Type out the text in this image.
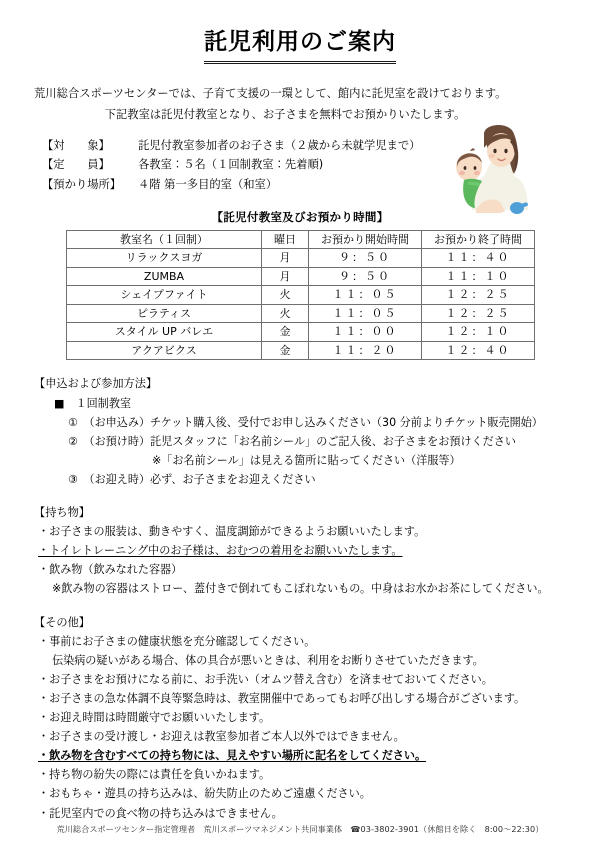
託児利用のご案内
荒川総合スポーツセンターでは、子育て支援の一環として、館内に託児室を設けております。
下記教室は託児付教室となり、お子さまを無料でお預かりいたします。
【対　　象】	託児付教室参加者のお子さま（２歳から未就学児まで）
【定　　員】	各教室：５名（１回制教室：先着順)
【預かり場所】	４階 第一多目的室（和室）
【託児付教室及びお預かり時間】
教室名（１回制）	曜日	お預かり開始時間	お預かり終了時間
リラックスヨガ	月	９：５０	１１：４０
ZUMBA	月	９：５０	１１：１０
シェイプファイト	火	１１：０５	１２：２５
ピラティス	火	１１：０５	１２：２５
スタイル UP バレエ	金	１１：００	１２：１０
アクアビクス	金	１１：２０	１２：４０
【申込および参加方法】
■　１回制教室
①　（お申込み）チケット購入後、受付でお申し込みください（30 分前よりチケット販売開始）
②　（お預け時）託児スタッフに「お名前シール」のご記入後、お子さまをお預けください
※「お名前シール」は見える箇所に貼ってください（洋服等）
③　（お迎え時）必ず、お子さまをお迎えください
【持ち物】
・お子さまの服装は、動きやすく、温度調節ができるようお願いいたします。
・トイレトレーニング中のお子様は、おむつの着用をお願いいたします。
・飲み物（飲みなれた容器）
※飲み物の容器はストロー、蓋付きで倒れてもこぼれないもの。中身はお水かお茶にしてください。
【その他】
・事前にお子さまの健康状態を充分確認してください。
伝染病の疑いがある場合、体の具合が悪いときは、利用をお断りさせていただきます。
・お子さまをお預けになる前に、お手洗い（オムツ替え含む）を済ませておいてください。
・お子さまの急な体調不良等緊急時は、教室開催中であってもお呼び出しする場合がございます。
・お迎え時間は時間厳守でお願いいたします。
・お子さまの受け渡し・お迎えは教室参加者ご本人以外ではできません。
・飲み物を含むすべての持ち物には、見えやすい場所に記名をしてください。
・持ち物の紛失の際には責任を負いかねます。
・おもちゃ・遊具の持ち込みは、紛失防止のためご遠慮ください。
・託児室内での食べ物の持ち込みはできません。
荒川総合スポーツセンター指定管理者　荒川スポーツマネジメント共同事業体　☎03-3802-3901（休館日を除く　8:00～22:30）
